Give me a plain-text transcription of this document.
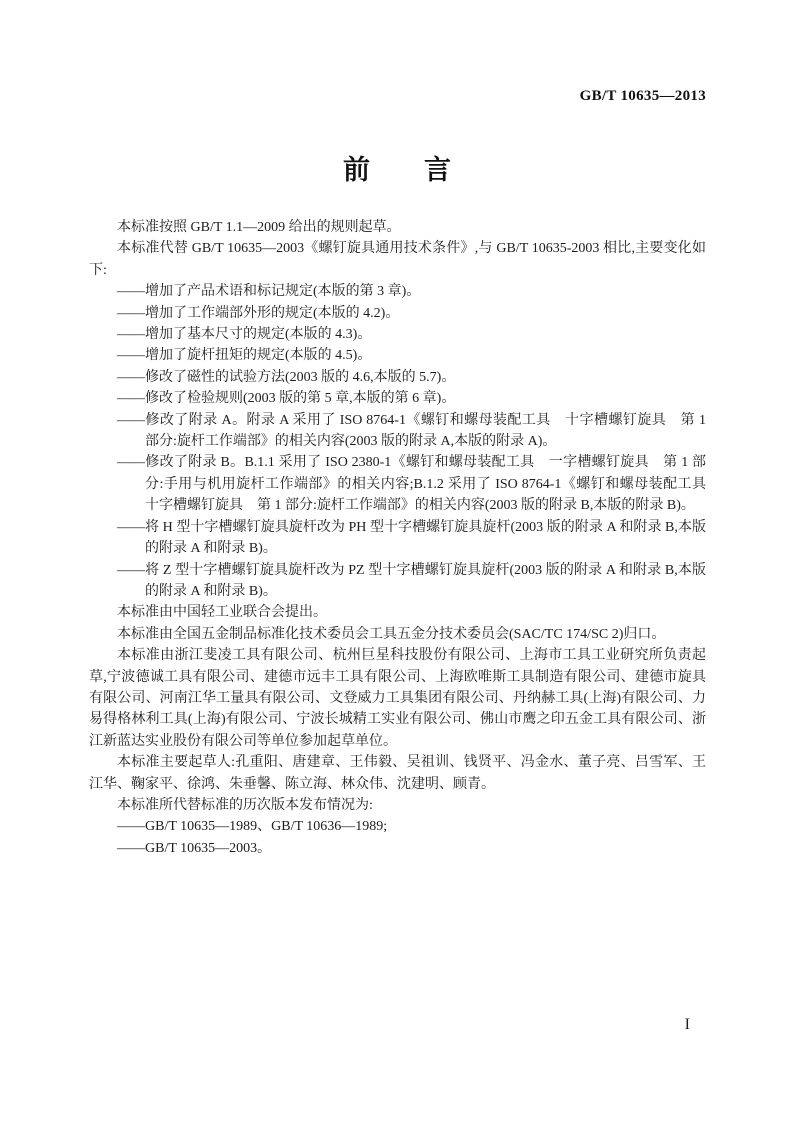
GB/T 10635—2013
前　　言

本标准按照 GB/T 1.1—2009 给出的规则起草。

本标准代替 GB/T 10635—2003《螺钉旋具通用技术条件》,与 GB/T 10635-2003 相比,主要变化如下:

——增加了产品术语和标记规定(本版的第 3 章)。

——增加了工作端部外形的规定(本版的 4.2)。

——增加了基本尺寸的规定(本版的 4.3)。

——增加了旋杆扭矩的规定(本版的 4.5)。

——修改了磁性的试验方法(2003 版的 4.6,本版的 5.7)。

——修改了检验规则(2003 版的第 5 章,本版的第 6 章)。

——修改了附录 A。附录 A 采用了 ISO 8764-1《螺钉和螺母装配工具　十字槽螺钉旋具　第 1 部分:旋杆工作端部》的相关内容(2003 版的附录 A,本版的附录 A)。

——修改了附录 B。B.1.1 采用了 ISO 2380-1《螺钉和螺母装配工具　一字槽螺钉旋具　第 1 部分:手用与机用旋杆工作端部》的相关内容;B.1.2 采用了 ISO 8764-1《螺钉和螺母装配工具　十字槽螺钉旋具　第 1 部分:旋杆工作端部》的相关内容(2003 版的附录 B,本版的附录 B)。

——将 H 型十字槽螺钉旋具旋杆改为 PH 型十字槽螺钉旋具旋杆(2003 版的附录 A 和附录 B,本版的附录 A 和附录 B)。

——将 Z 型十字槽螺钉旋具旋杆改为 PZ 型十字槽螺钉旋具旋杆(2003 版的附录 A 和附录 B,本版的附录 A 和附录 B)。

本标准由中国轻工业联合会提出。

本标准由全国五金制品标准化技术委员会工具五金分技术委员会(SAC/TC 174/SC 2)归口。

本标准由浙江斐凌工具有限公司、杭州巨星科技股份有限公司、上海市工具工业研究所负责起草,宁波德诚工具有限公司、建德市远丰工具有限公司、上海欧唯斯工具制造有限公司、建德市旋具有限公司、河南江华工量具有限公司、文登威力工具集团有限公司、丹纳赫工具(上海)有限公司、力易得格林利工具(上海)有限公司、宁波长城精工实业有限公司、佛山市鹰之印五金工具有限公司、浙江新蓝达实业股份有限公司等单位参加起草单位。

本标准主要起草人:孔重阳、唐建章、王伟毅、吴祖训、钱贤平、冯金水、董子亮、吕雪军、王江华、鞠家平、徐鸿、朱垂馨、陈立海、林众伟、沈建明、顾青。

本标准所代替标准的历次版本发布情况为:

——GB/T 10635—1989、GB/T 10636—1989;

——GB/T 10635—2003。

I
